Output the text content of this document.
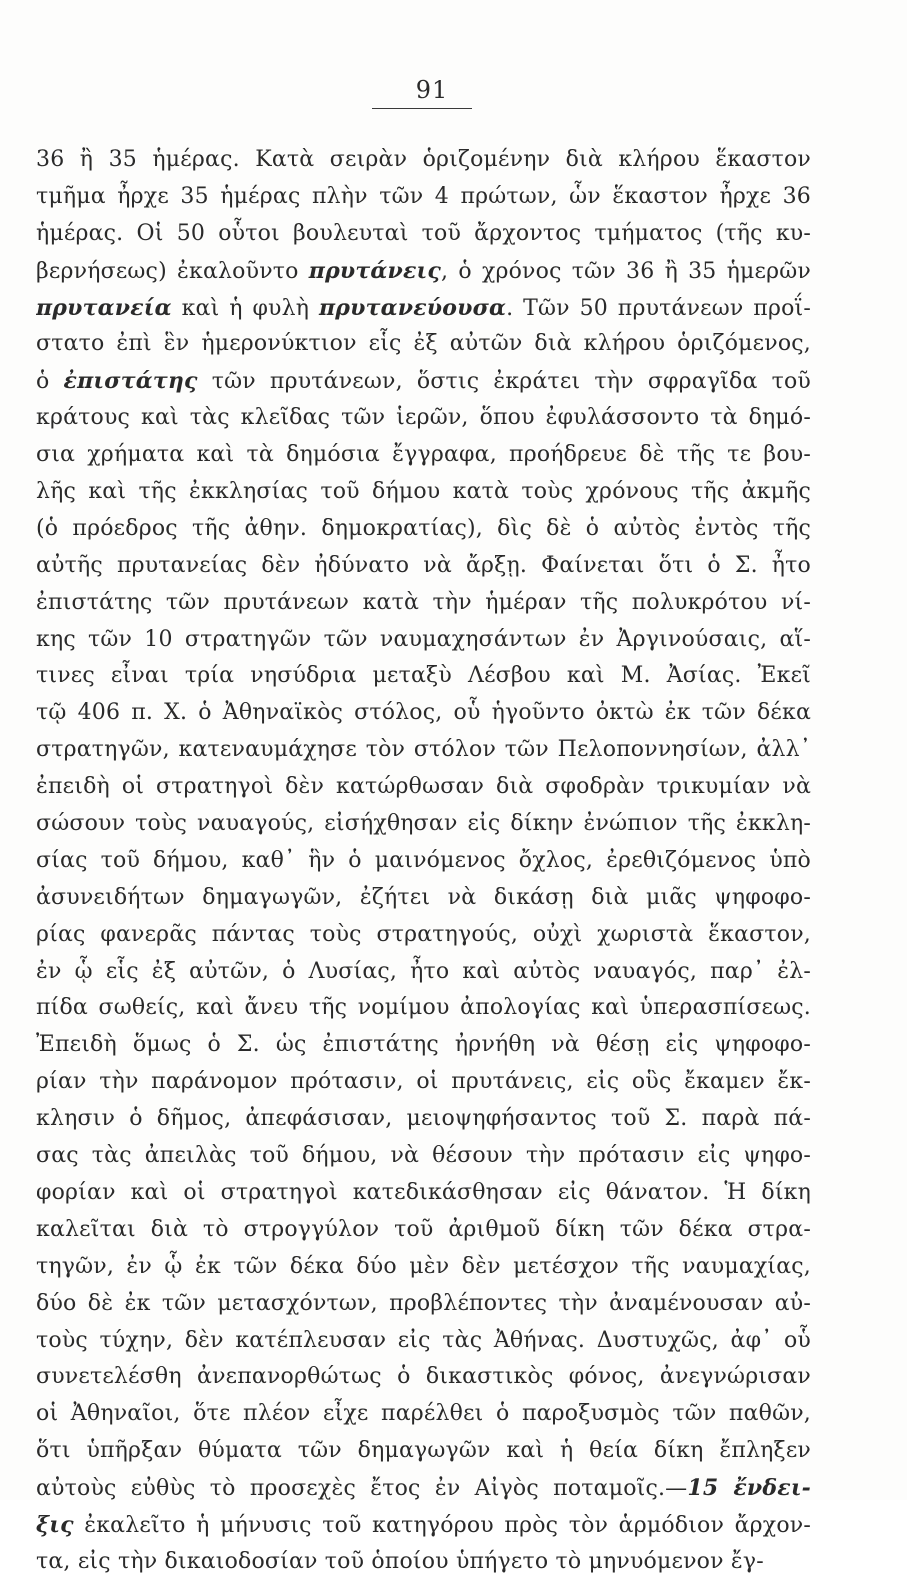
91
36 ἢ 35 ἡμέρας. Κατὰ σειρὰν ὁριζομένην διὰ κλήρου ἕκαστον
τμῆμα ἦρχε 35 ἡμέρας πλὴν τῶν 4 πρώτων, ὧν ἕκαστον ἦρχε 36
ἡμέρας. Οἱ 50 οὗτοι βουλευταὶ τοῦ ἄρχοντος τμήματος (τῆς κυ-
βερνήσεως) ἐκαλοῦντο πρυτάνεις, ὁ χρόνος τῶν 36 ἢ 35 ἡμερῶν
πρυτανεία καὶ ἡ φυλὴ πρυτανεύουσα. Τῶν 50 πρυτάνεων προΐ-
στατο ἐπὶ ἓν ἡμερονύκτιον εἷς ἐξ αὐτῶν διὰ κλήρου ὁριζόμενος,
ὁ ἐπιστάτης τῶν πρυτάνεων, ὅστις ἐκράτει τὴν σφραγῖδα τοῦ
κράτους καὶ τὰς κλεῖδας τῶν ἱερῶν, ὅπου ἐφυλάσσοντο τὰ δημό-
σια χρήματα καὶ τὰ δημόσια ἔγγραφα, προήδρευε δὲ τῆς τε βου-
λῆς καὶ τῆς ἐκκλησίας τοῦ δήμου κατὰ τοὺς χρόνους τῆς ἀκμῆς
(ὁ πρόεδρος τῆς ἀθην. δημοκρατίας), δὶς δὲ ὁ αὐτὸς ἐντὸς τῆς
αὐτῆς πρυτανείας δὲν ἠδύνατο νὰ ἄρξῃ. Φαίνεται ὅτι ὁ Σ. ἦτο
ἐπιστάτης τῶν πρυτάνεων κατὰ τὴν ἡμέραν τῆς πολυκρότου νί-
κης τῶν 10 στρατηγῶν τῶν ναυμαχησάντων ἐν Ἀργινούσαις, αἵ-
τινες εἶναι τρία νησύδρια μεταξὺ Λέσβου καὶ Μ. Ἀσίας. Ἐκεῖ
τῷ 406 π. Χ. ὁ Ἀθηναϊκὸς στόλος, οὗ ἡγοῦντο ὀκτὼ ἐκ τῶν δέκα
στρατηγῶν, κατεναυμάχησε τὸν στόλον τῶν Πελοποννησίων, ἀλλ᾽
ἐπειδὴ οἱ στρατηγοὶ δὲν κατώρθωσαν διὰ σφοδρὰν τρικυμίαν νὰ
σώσουν τοὺς ναυαγούς, εἰσήχθησαν εἰς δίκην ἐνώπιον τῆς ἐκκλη-
σίας τοῦ δήμου, καθ᾽ ἣν ὁ μαινόμενος ὄχλος, ἐρεθιζόμενος ὑπὸ
ἀσυνειδήτων δημαγωγῶν, ἐζήτει νὰ δικάσῃ διὰ μιᾶς ψηφοφο-
ρίας φανερᾶς πάντας τοὺς στρατηγούς, οὐχὶ χωριστὰ ἕκαστον,
ἐν ᾧ εἷς ἐξ αὐτῶν, ὁ Λυσίας, ἦτο καὶ αὐτὸς ναυαγός, παρ᾽ ἐλ-
πίδα σωθείς, καὶ ἄνευ τῆς νομίμου ἀπολογίας καὶ ὑπερασπίσεως.
Ἐπειδὴ ὅμως ὁ Σ. ὡς ἐπιστάτης ἠρνήθη νὰ θέσῃ εἰς ψηφοφο-
ρίαν τὴν παράνομον πρότασιν, οἱ πρυτάνεις, εἰς οὓς ἔκαμεν ἔκ-
κλησιν ὁ δῆμος, ἀπεφάσισαν, μειοψηφήσαντος τοῦ Σ. παρὰ πά-
σας τὰς ἀπειλὰς τοῦ δήμου, νὰ θέσουν τὴν πρότασιν εἰς ψηφο-
φορίαν καὶ οἱ στρατηγοὶ κατεδικάσθησαν εἰς θάνατον. Ἡ δίκη
καλεῖται διὰ τὸ στρογγύλον τοῦ ἀριθμοῦ δίκη τῶν δέκα στρα-
τηγῶν, ἐν ᾧ ἐκ τῶν δέκα δύο μὲν δὲν μετέσχον τῆς ναυμαχίας,
δύο δὲ ἐκ τῶν μετασχόντων, προβλέποντες τὴν ἀναμένουσαν αὐ-
τοὺς τύχην, δὲν κατέπλευσαν εἰς τὰς Ἀθήνας. Δυστυχῶς, ἀφ᾽ οὗ
συνετελέσθη ἀνεπανορθώτως ὁ δικαστικὸς φόνος, ἀνεγνώρισαν
οἱ Ἀθηναῖοι, ὅτε πλέον εἶχε παρέλθει ὁ παροξυσμὸς τῶν παθῶν,
ὅτι ὑπῆρξαν θύματα τῶν δημαγωγῶν καὶ ἡ θεία δίκη ἔπληξεν
αὐτοὺς εὐθὺς τὸ προσεχὲς ἔτος ἐν Αἰγὸς ποταμοῖς.—15 ἔνδει-
ξις ἐκαλεῖτο ἡ μήνυσις τοῦ κατηγόρου πρὸς τὸν ἁρμόδιον ἄρχον-
τα, εἰς τὴν δικαιοδοσίαν τοῦ ὁποίου ὑπήγετο τὸ μηνυόμενον ἔγ-
